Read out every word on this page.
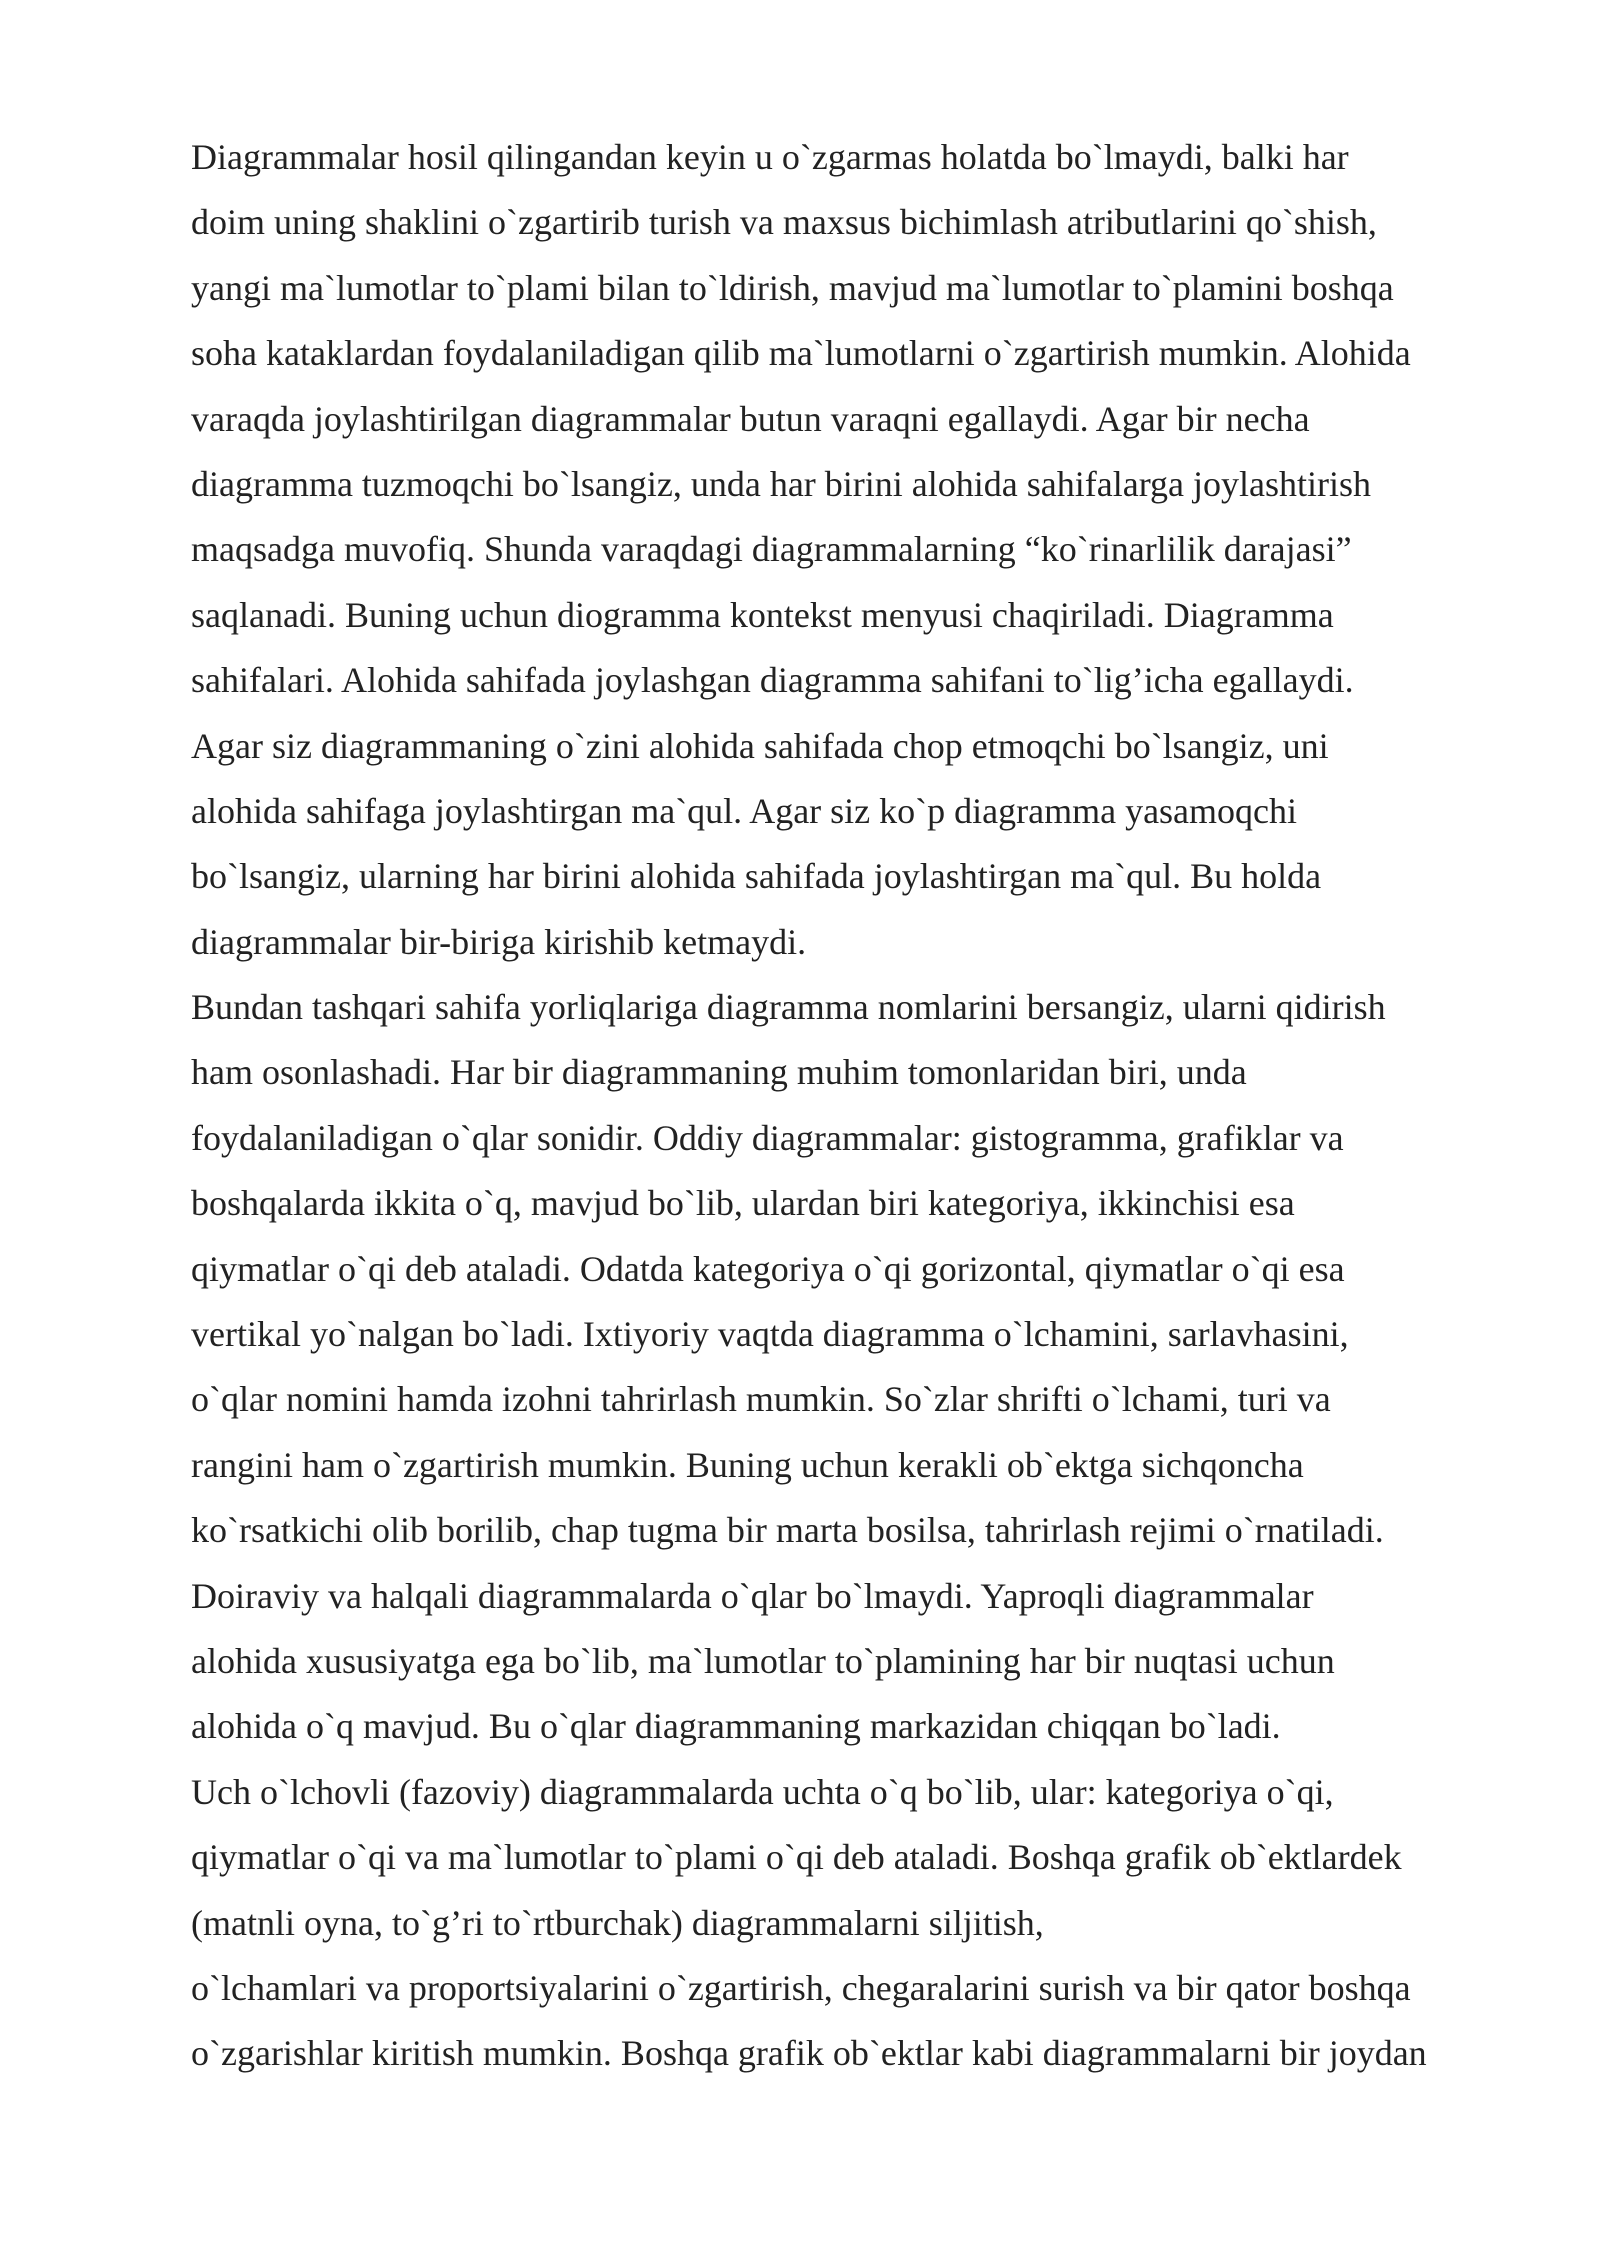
Diagrammalar hosil qilingandan keyin u o`zgarmas holatda bo`lmaydi, balki har
doim uning shaklini o`zgartirib turish va maxsus bichimlash atributlarini qo`shish,
yangi ma`lumotlar to`plami bilan to`ldirish, mavjud ma`lumotlar to`plamini boshqa
soha kataklardan foydalaniladigan qilib ma`lumotlarni o`zgartirish mumkin. Alohida
varaqda joylashtirilgan diagrammalar butun varaqni egallaydi. Agar bir necha
diagramma tuzmoqchi bo`lsangiz, unda har birini alohida sahifalarga joylashtirish
maqsadga muvofiq. Shunda varaqdagi diagrammalarning “ko`rinarlilik darajasi”
saqlanadi. Buning uchun diogramma kontekst menyusi chaqiriladi. Diagramma
sahifalari. Alohida sahifada joylashgan diagramma sahifani to`lig’icha egallaydi.
Agar siz diagrammaning o`zini alohida sahifada chop etmoqchi bo`lsangiz, uni
alohida sahifaga joylashtirgan ma`qul. Agar siz ko`p diagramma yasamoqchi
bo`lsangiz, ularning har birini alohida sahifada joylashtirgan ma`qul. Bu holda
diagrammalar bir-biriga kirishib ketmaydi.
Bundan tashqari sahifa yorliqlariga diagramma nomlarini bersangiz, ularni qidirish
ham osonlashadi. Har bir diagrammaning muhim tomonlaridan biri, unda
foydalaniladigan o`qlar sonidir. Oddiy diagrammalar: gistogramma, grafiklar va
boshqalarda ikkita o`q, mavjud bo`lib, ulardan biri kategoriya, ikkinchisi esa
qiymatlar o`qi deb ataladi. Odatda kategoriya o`qi gorizontal, qiymatlar o`qi esa
vertikal yo`nalgan bo`ladi. Ixtiyoriy vaqtda diagramma o`lchamini, sarlavhasini,
o`qlar nomini hamda izohni tahrirlash mumkin. So`zlar shrifti o`lchami, turi va
rangini ham o`zgartirish mumkin. Buning uchun kerakli ob`ektga sichqoncha
ko`rsatkichi olib borilib, chap tugma bir marta bosilsa, tahrirlash rejimi o`rnatiladi.
Doiraviy va halqali diagrammalarda o`qlar bo`lmaydi. Yaproqli diagrammalar
alohida xususiyatga ega bo`lib, ma`lumotlar to`plamining har bir nuqtasi uchun
alohida o`q mavjud. Bu o`qlar diagrammaning markazidan chiqqan bo`ladi.
Uch o`lchovli (fazoviy) diagrammalarda uchta o`q bo`lib, ular: kategoriya o`qi,
qiymatlar o`qi va ma`lumotlar to`plami o`qi deb ataladi. Boshqa grafik ob`ektlardek
(matnli oyna, to`g’ri to`rtburchak) diagrammalarni siljitish,
o`lchamlari va proportsiyalarini o`zgartirish, chegaralarini surish va bir qator boshqa
o`zgarishlar kiritish mumkin. Boshqa grafik ob`ektlar kabi diagrammalarni bir joydan
